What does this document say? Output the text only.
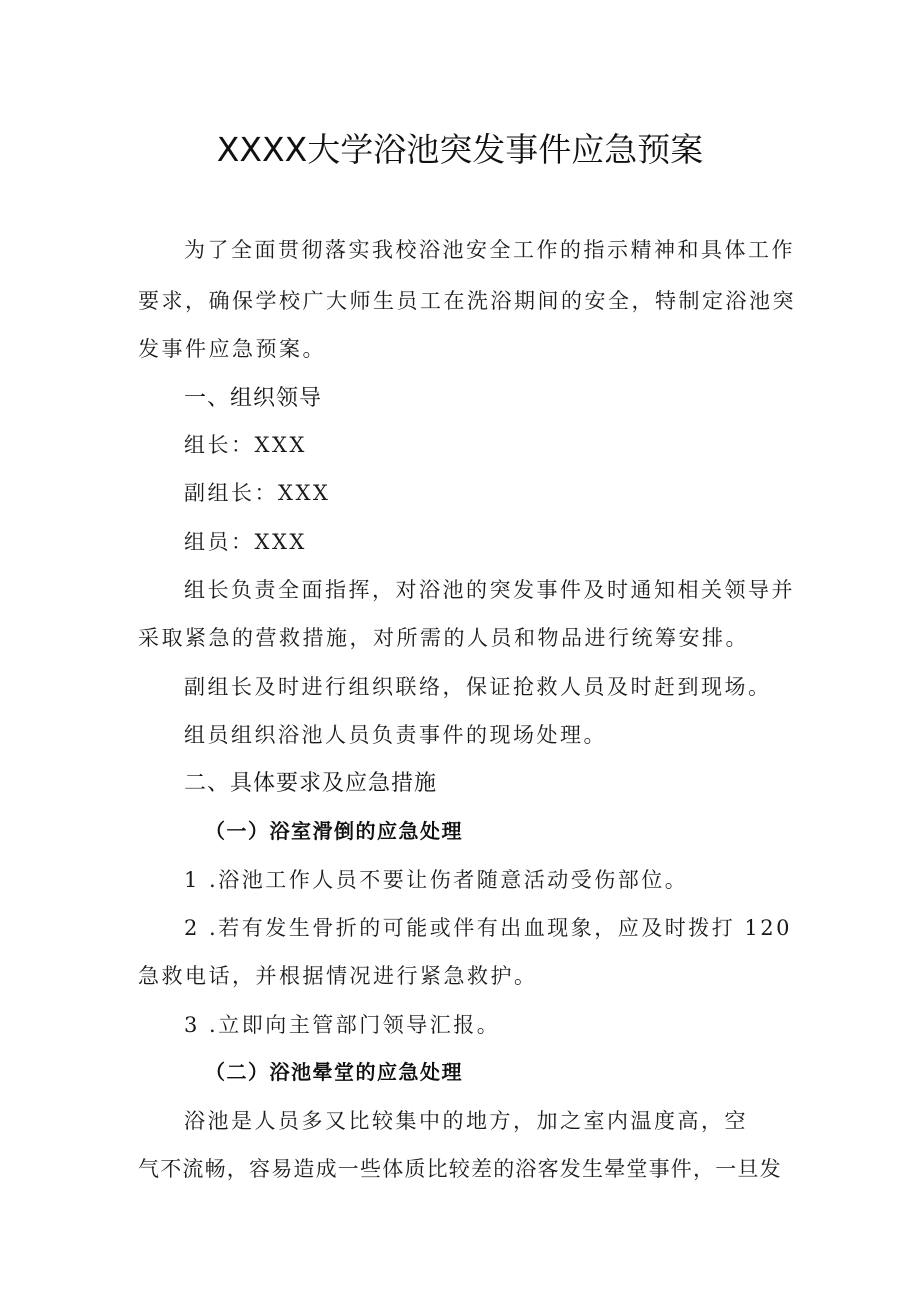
XXXX大学浴池突发事件应急预案
为了全面贯彻落实我校浴池安全工作的指示精神和具体工作
要求，确保学校广大师生员工在洗浴期间的安全，特制定浴池突
发事件应急预案。
一、组织领导
组长：XXX
副组长：XXX
组员：XXX
组长负责全面指挥，对浴池的突发事件及时通知相关领导并
采取紧急的营救措施，对所需的人员和物品进行统筹安排。
副组长及时进行组织联络，保证抢救人员及时赶到现场。
组员组织浴池人员负责事件的现场处理。
二、具体要求及应急措施
（一）浴室滑倒的应急处理
1 .浴池工作人员不要让伤者随意活动受伤部位。
2 .若有发生骨折的可能或伴有出血现象，应及时拨打 120
急救电话，并根据情况进行紧急救护。
3 .立即向主管部门领导汇报。
（二）浴池晕堂的应急处理
浴池是人员多又比较集中的地方，加之室内温度高，空
气不流畅，容易造成一些体质比较差的浴客发生晕堂事件，一旦发
